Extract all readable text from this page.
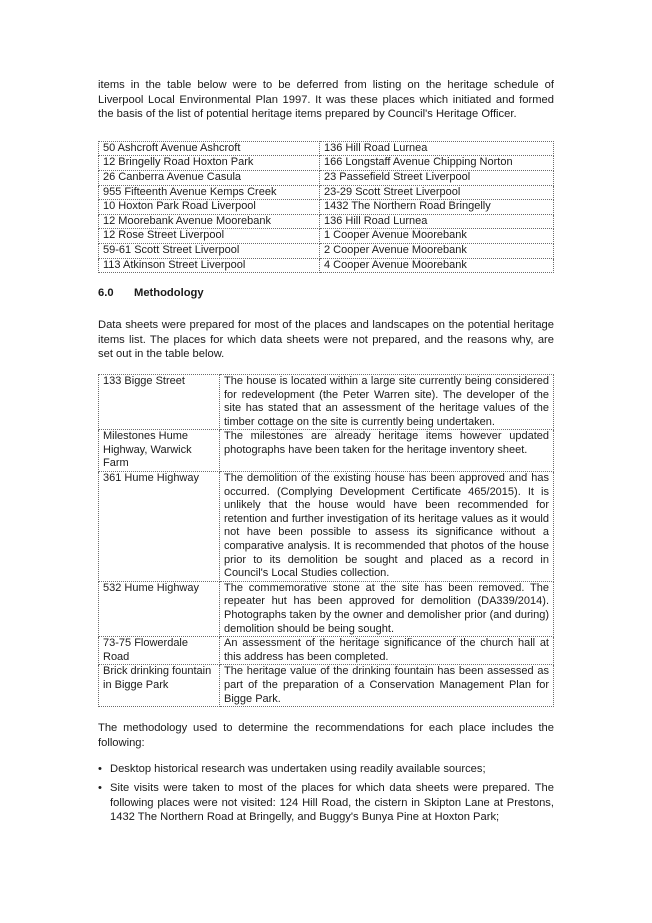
items in the table below were to be deferred from listing on the heritage schedule of Liverpool Local Environmental Plan 1997. It was these places which initiated and formed the basis of the list of potential heritage items prepared by Council's Heritage Officer.

50 Ashcroft Avenue Ashcroft	136 Hill Road Lurnea
12 Bringelly Road Hoxton Park	166 Longstaff Avenue Chipping Norton
26 Canberra Avenue Casula	23 Passefield Street Liverpool
955 Fifteenth Avenue Kemps Creek	23-29 Scott Street Liverpool
10 Hoxton Park Road Liverpool	1432 The Northern Road Bringelly
12 Moorebank Avenue Moorebank	136 Hill Road Lurnea
12 Rose Street Liverpool	1 Cooper Avenue Moorebank
59-61 Scott Street Liverpool	2 Cooper Avenue Moorebank
113 Atkinson Street Liverpool	4 Cooper Avenue Moorebank
6.0 Methodology

Data sheets were prepared for most of the places and landscapes on the potential heritage items list. The places for which data sheets were not prepared, and the reasons why, are set out in the table below.

133 Bigge Street	The house is located within a large site currently being considered for redevelopment (the Peter Warren site). The developer of the site has stated that an assessment of the heritage values of the timber cottage on the site is currently being undertaken.
Milestones Hume Highway, Warwick Farm	The milestones are already heritage items however updated photographs have been taken for the heritage inventory sheet.
361 Hume Highway	The demolition of the existing house has been approved and has occurred. (Complying Development Certificate 465/2015). It is unlikely that the house would have been recommended for retention and further investigation of its heritage values as it would not have been possible to assess its significance without a comparative analysis. It is recommended that photos of the house prior to its demolition be sought and placed as a record in Council's Local Studies collection.
532 Hume Highway	The commemorative stone at the site has been removed. The repeater hut has been approved for demolition (DA339/2014). Photographs taken by the owner and demolisher prior (and during) demolition should be being sought.
73-75 Flowerdale Road	An assessment of the heritage significance of the church hall at this address has been completed.
Brick drinking fountain in Bigge Park	The heritage value of the drinking fountain has been assessed as part of the preparation of a Conservation Management Plan for Bigge Park.

The methodology used to determine the recommendations for each place includes the following:

• Desktop historical research was undertaken using readily available sources;
• Site visits were taken to most of the places for which data sheets were prepared. The following places were not visited: 124 Hill Road, the cistern in Skipton Lane at Prestons, 1432 The Northern Road at Bringelly, and Buggy's Bunya Pine at Hoxton Park;
